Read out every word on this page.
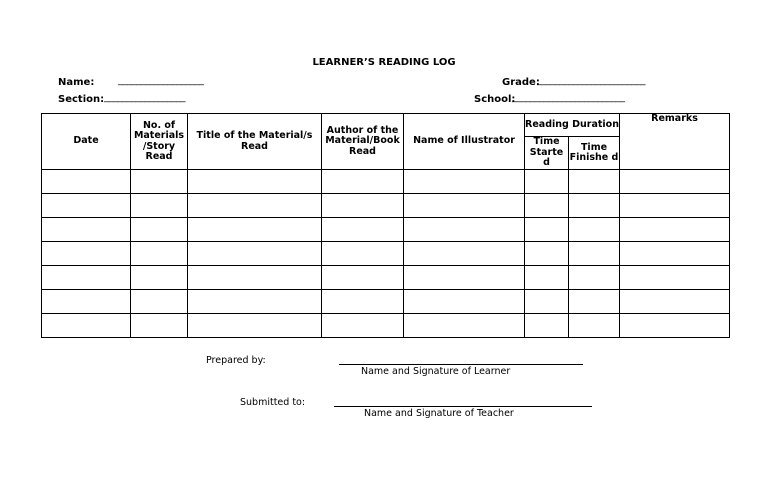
LEARNER’S READING LOG
Name: ___________________
Section: __________________
Grade:
________________________
School:
_________________________
Date	No. of Materials /Story Read	Title of the Material/s Read	Author of the Material/Book Read	Name of Illustrator	Reading Duration		Remarks
					Time Starte d	Time Finishe d	

Prepared by:
Name and Signature of Learner
Submitted to:
Name and Signature of Teacher
